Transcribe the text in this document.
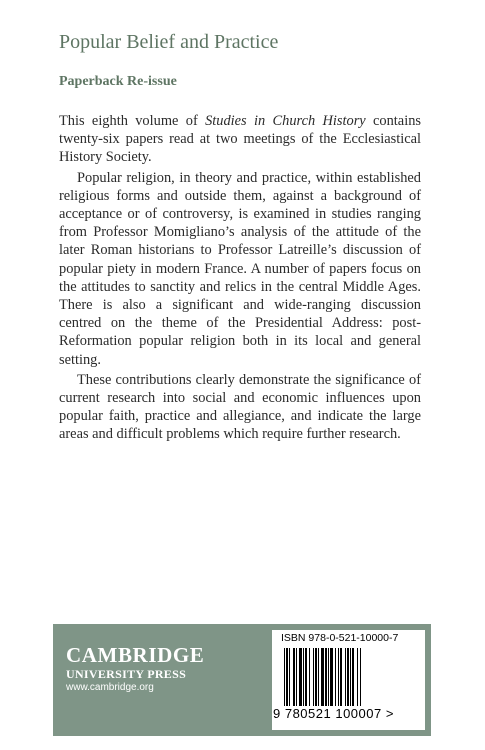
Popular Belief and Practice
Paperback Re-issue

This eighth volume of Studies in Church History contains twenty-six papers read at two meetings of the Ecclesiastical History Society.

Popular religion, in theory and practice, within established religious forms and outside them, against a background of acceptance or of controversy, is examined in studies ranging from Professor Momigliano’s analysis of the attitude of the later Roman historians to Professor Latreille’s discussion of popular piety in modern France. A number of papers focus on the attitudes to sanctity and relics in the central Middle Ages. There is also a significant and wide-ranging discussion centred on the theme of the Presidential Address: post-Reformation popular religion both in its local and general setting.

These contributions clearly demonstrate the significance of current research into social and economic influences upon popular faith, practice and allegiance, and indicate the large areas and difficult problems which require further research.

CAMBRIDGE
UNIVERSITY PRESS
www.cambridge.org
ISBN 978-0-521-10000-7
9 780521 100007 >
